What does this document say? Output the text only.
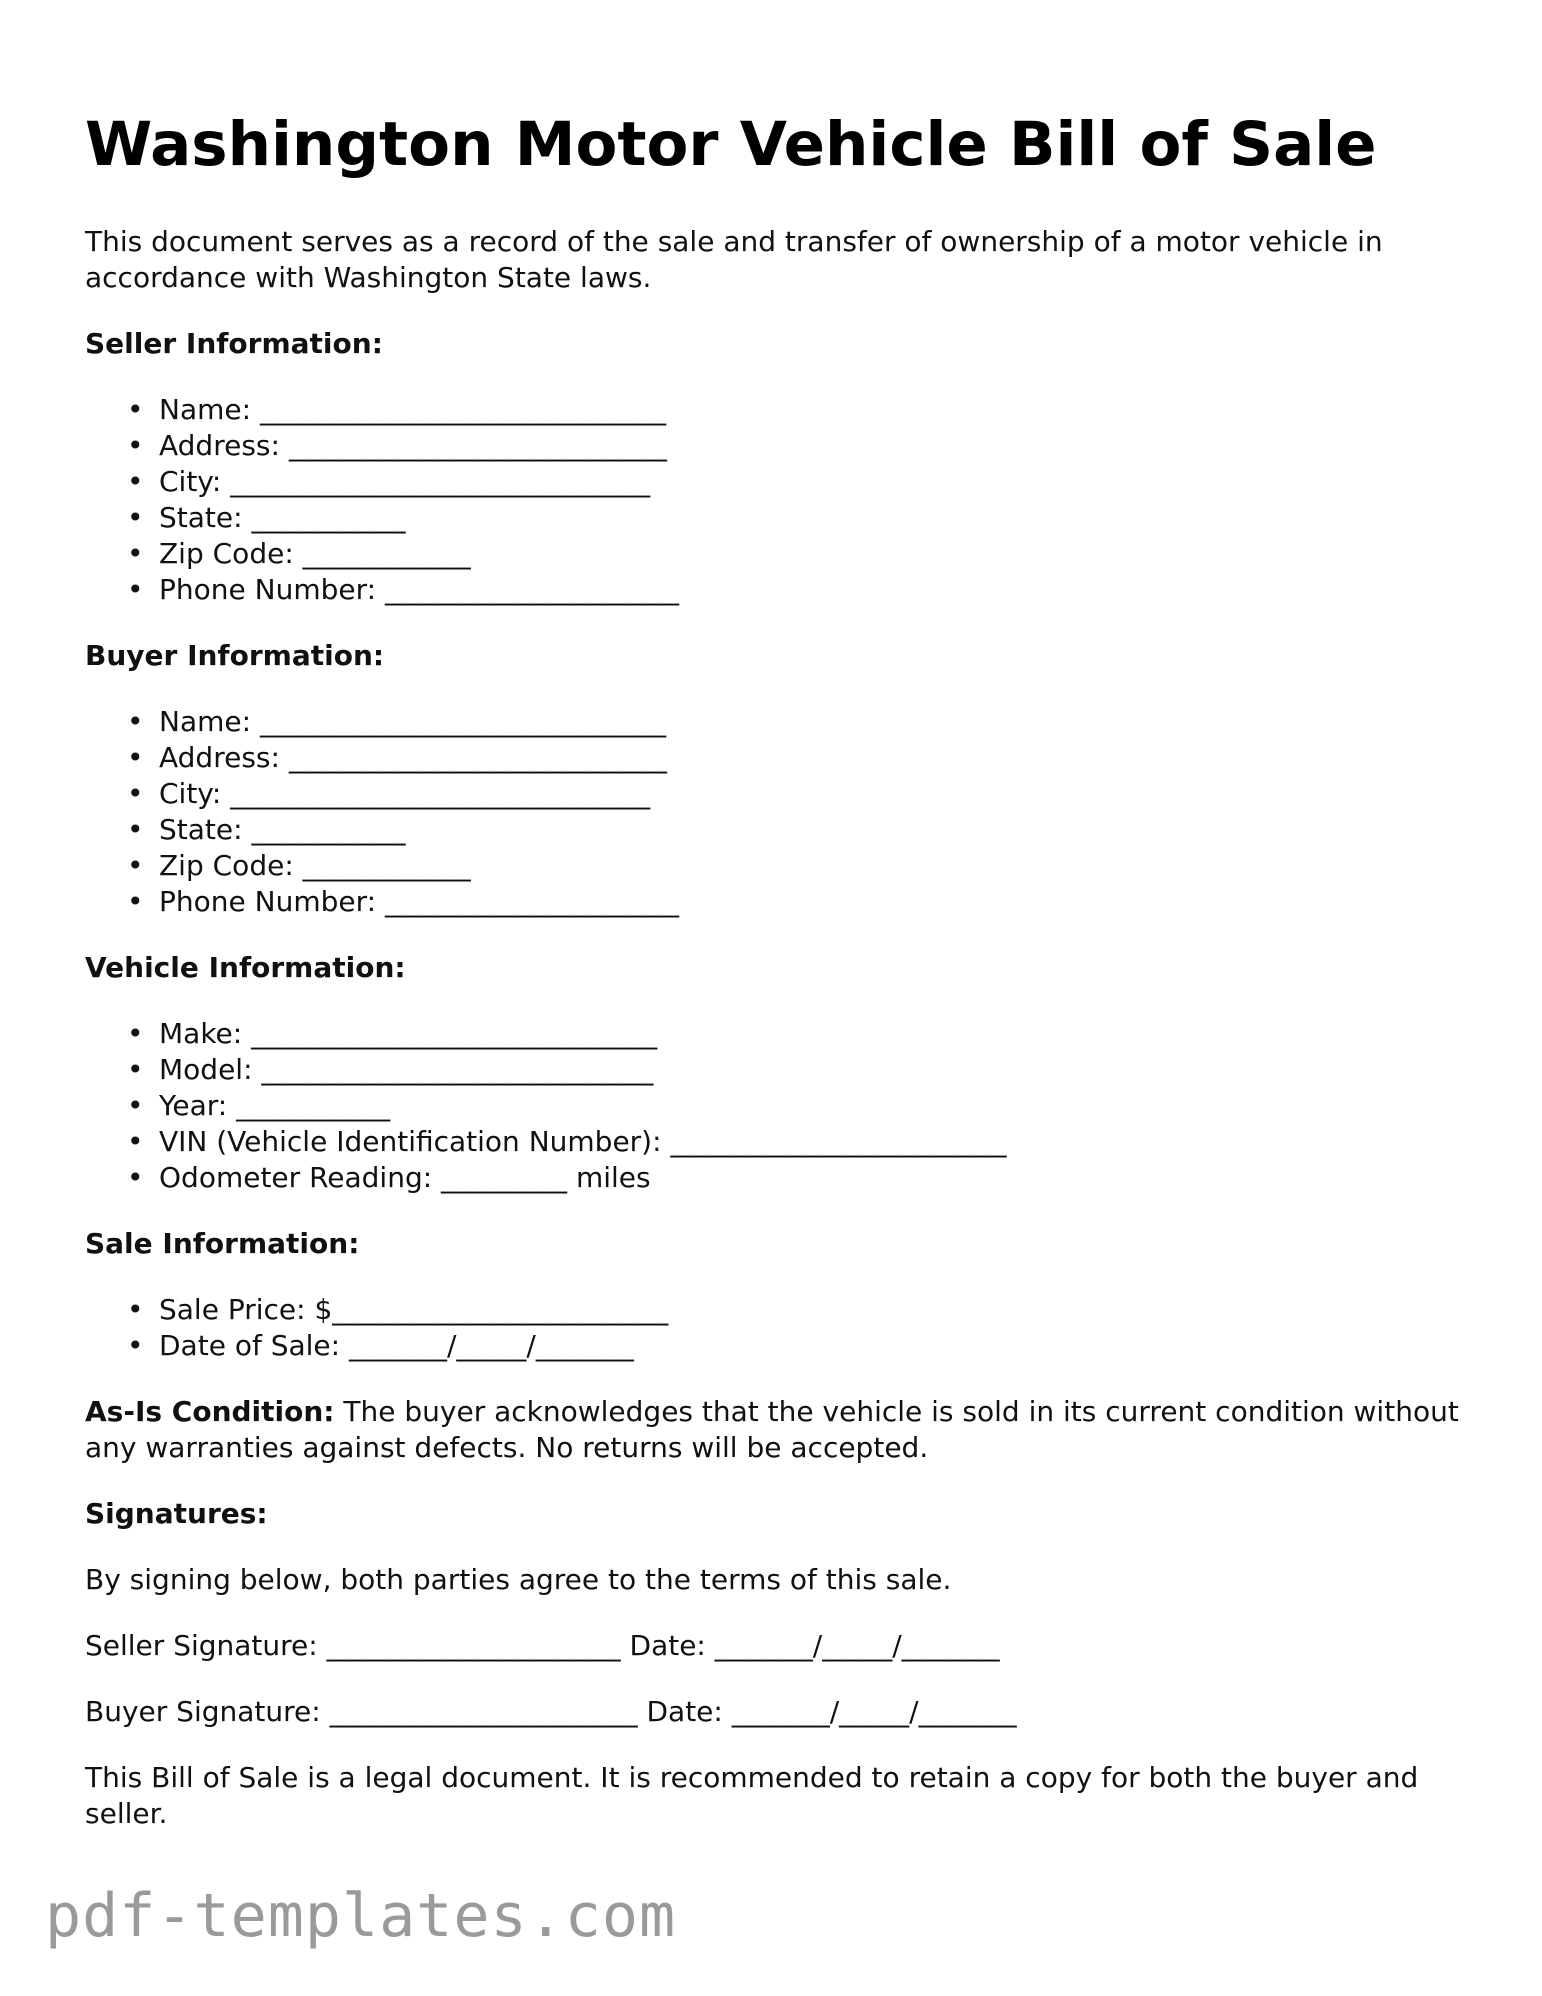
Washington Motor Vehicle Bill of Sale

This document serves as a record of the sale and transfer of ownership of a motor vehicle in accordance with Washington State laws.

Seller Information:
• Name: _____________________________
• Address: ___________________________
• City: ______________________________
• State: ___________
• Zip Code: ____________
• Phone Number: _____________________
Buyer Information:
• Name: _____________________________
• Address: ___________________________
• City: ______________________________
• State: ___________
• Zip Code: ____________
• Phone Number: _____________________
Vehicle Information:
• Make: _____________________________
• Model: ____________________________
• Year: ___________
• VIN (Vehicle Identification Number): ________________________
• Odometer Reading: _________ miles
Sale Information:
• Sale Price: $________________________
• Date of Sale: _______/_____/_______

As-Is Condition: The buyer acknowledges that the vehicle is sold in its current condition without any warranties against defects. No returns will be accepted.

Signatures:

By signing below, both parties agree to the terms of this sale.

Seller Signature: _____________________ Date: _______/_____/_______

Buyer Signature: ______________________ Date: _______/_____/_______

This Bill of Sale is a legal document. It is recommended to retain a copy for both the buyer and seller.

pdf-templates.com
